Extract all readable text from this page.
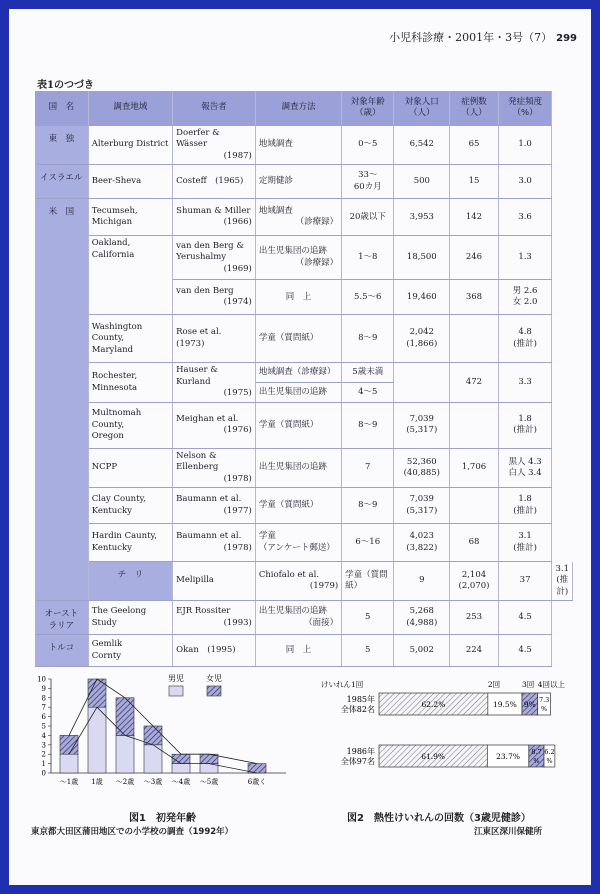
小児科診療・2001年・3号（7） 299
表1のつづき
国　名	調査地域	報告者	調査方法	対象年齢
（歳）	対象人口
（人）	症例数
（人）	発症頻度
（%）	
東　独	Alterburg District	Doerfer & Wässer
(1987)	地域調査	0～5	6,542	65	1.0	
イスラエル	Beer-Sheva	Costeff　(1965)	定期健診	33～
60カ月	500	15	3.0	
米　国	Tecumseh,
Michigan	Shuman & Miller
(1966)	地域調査
（診療録）	20歳以下	3,953	142	3.6	
	Oakland,
California	van den Berg &
Yerushalmy
(1969)	出生児集団の追跡
（診療録）	1～8	18,500	246	1.3	
		van den Berg
(1974)	同　上	5.5～6	19,460	368	男 2.6
女 2.0	
	Washington
County,
Maryland	Rose et al. (1973)	学童（質問紙）	8～9	2,042
(1,866)		4.8
(推計)	
	Rochester,
Minnesota	Hauser &
Kurland
(1975)	地域調査（診療録）	5歳未満		472	3.3	
			出生児集団の追跡	4～5				
	Multnomah
County,
Oregon	Meighan et al.
(1976)	学童（質問紙）	8～9	7,039
(5,317)		1.8
(推計)	
	NCPP	Nelson &
Ellenberg
(1978)	出生児集団の追跡	7	52,360
(40,885)	1,706	黒人 4.3
白人 3.4	
	Clay County,
Kentucky	Baumann et al.
(1977)	学童（質問紙）	8～9	7,039
(5,317)		1.8
(推計)	
	Hardin Caunty,
Kentucky	Baumann et al.
(1978)	学童
（アンケート郵送）	6～16	4,023
(3,822)	68	3.1
(推計)	
	チ　リ	Melipilla	Chiofalo et al.
(1979)	学童（質問紙）	9	2,104
(2,070)	37	3.1
(推計)
オースト
ラリア	The Geelong
Study	EJR Rossiter
(1993)	出生児集団の追跡
（面接）	5	5,268
(4,988)	253	4.5	
トルコ	Gemlik
Cornty	Okan　(1995)	同　上	5	5,002	224	4.5	
10
9
8
7
6
5
4
3
2
1
0
～1歳 1歳 ～2歳 ～3歳 ～4歳 ～5歳	6歳く
男児	女児
図1　初発年齢
東京都大田区蒲田地区での小学校の調査（1992年）
けいれん1回	2回	3回 4回以上
1985年
全体82名
1986年
全体97名
62.2%	19.5% 9% 7.3
%
61.9%	23.7% 8.7
%
6.2
%
図2　熱性けいれんの回数（3歳児健診）
江東区深川保健所
